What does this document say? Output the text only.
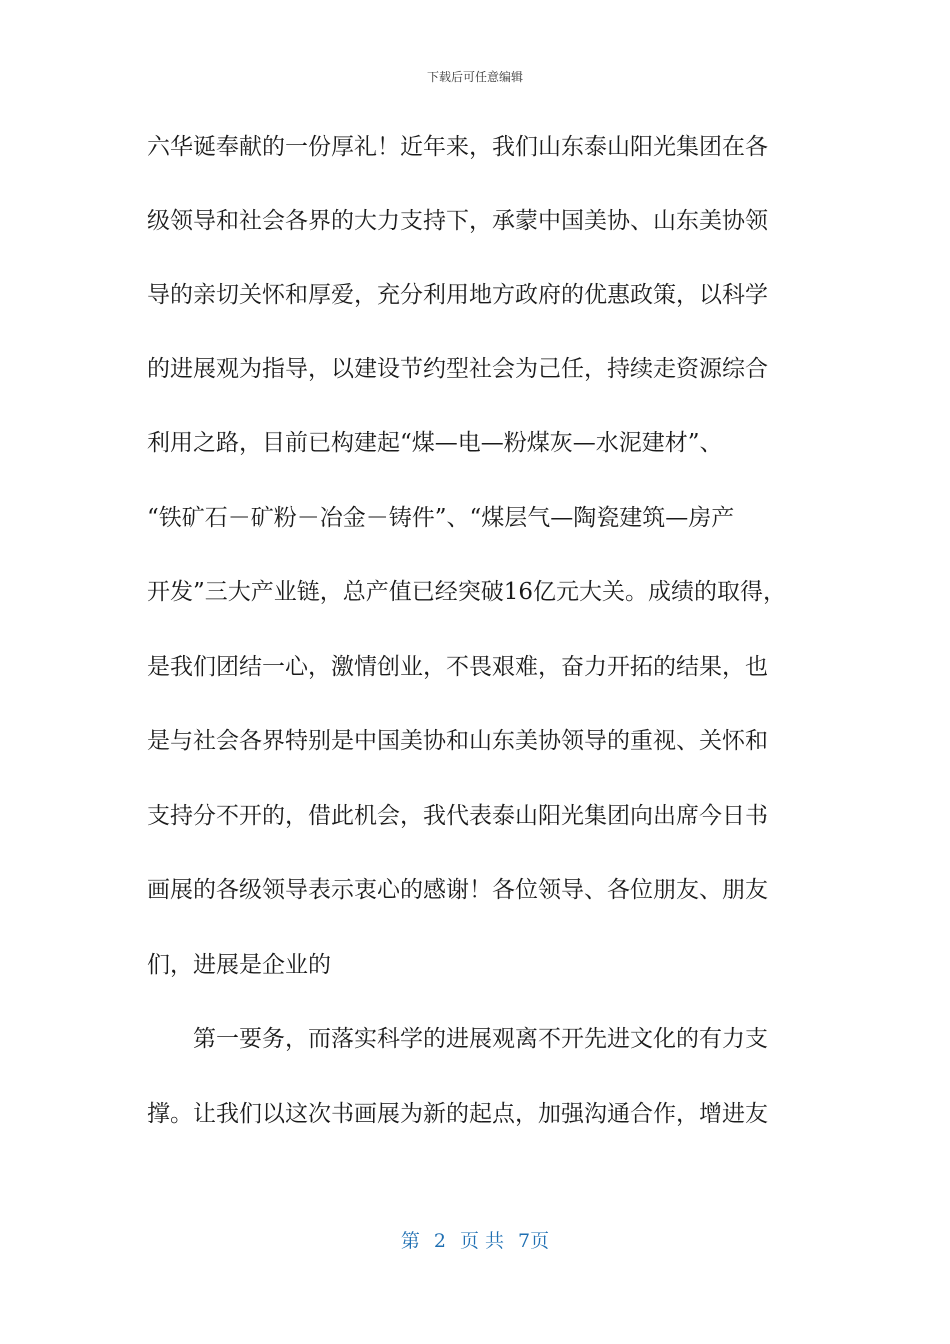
下载后可任意编辑
六华诞奉献的一份厚礼！近年来，我们山东泰山阳光集团在各
级领导和社会各界的大力支持下，承蒙中国美协、山东美协领
导的亲切关怀和厚爱，充分利用地方政府的优惠政策，以科学
的进展观为指导，以建设节约型社会为己任，持续走资源综合
利用之路，目前已构建起“煤—电—粉煤灰—水泥建材”、
“铁矿石－矿粉－冶金－铸件”、“煤层气—陶瓷建筑—房产
开发”三大产业链，总产值已经突破16亿元大关。成绩的取得，
是我们团结一心，激情创业，不畏艰难，奋力开拓的结果，也
是与社会各界特别是中国美协和山东美协领导的重视、关怀和
支持分不开的，借此机会，我代表泰山阳光集团向出席今日书
画展的各级领导表示衷心的感谢！各位领导、各位朋友、朋友
们，进展是企业的
　　第一要务，而落实科学的进展观离不开先进文化的有力支
撑。让我们以这次书画展为新的起点，加强沟通合作，增进友
第 2 页 共 7页
